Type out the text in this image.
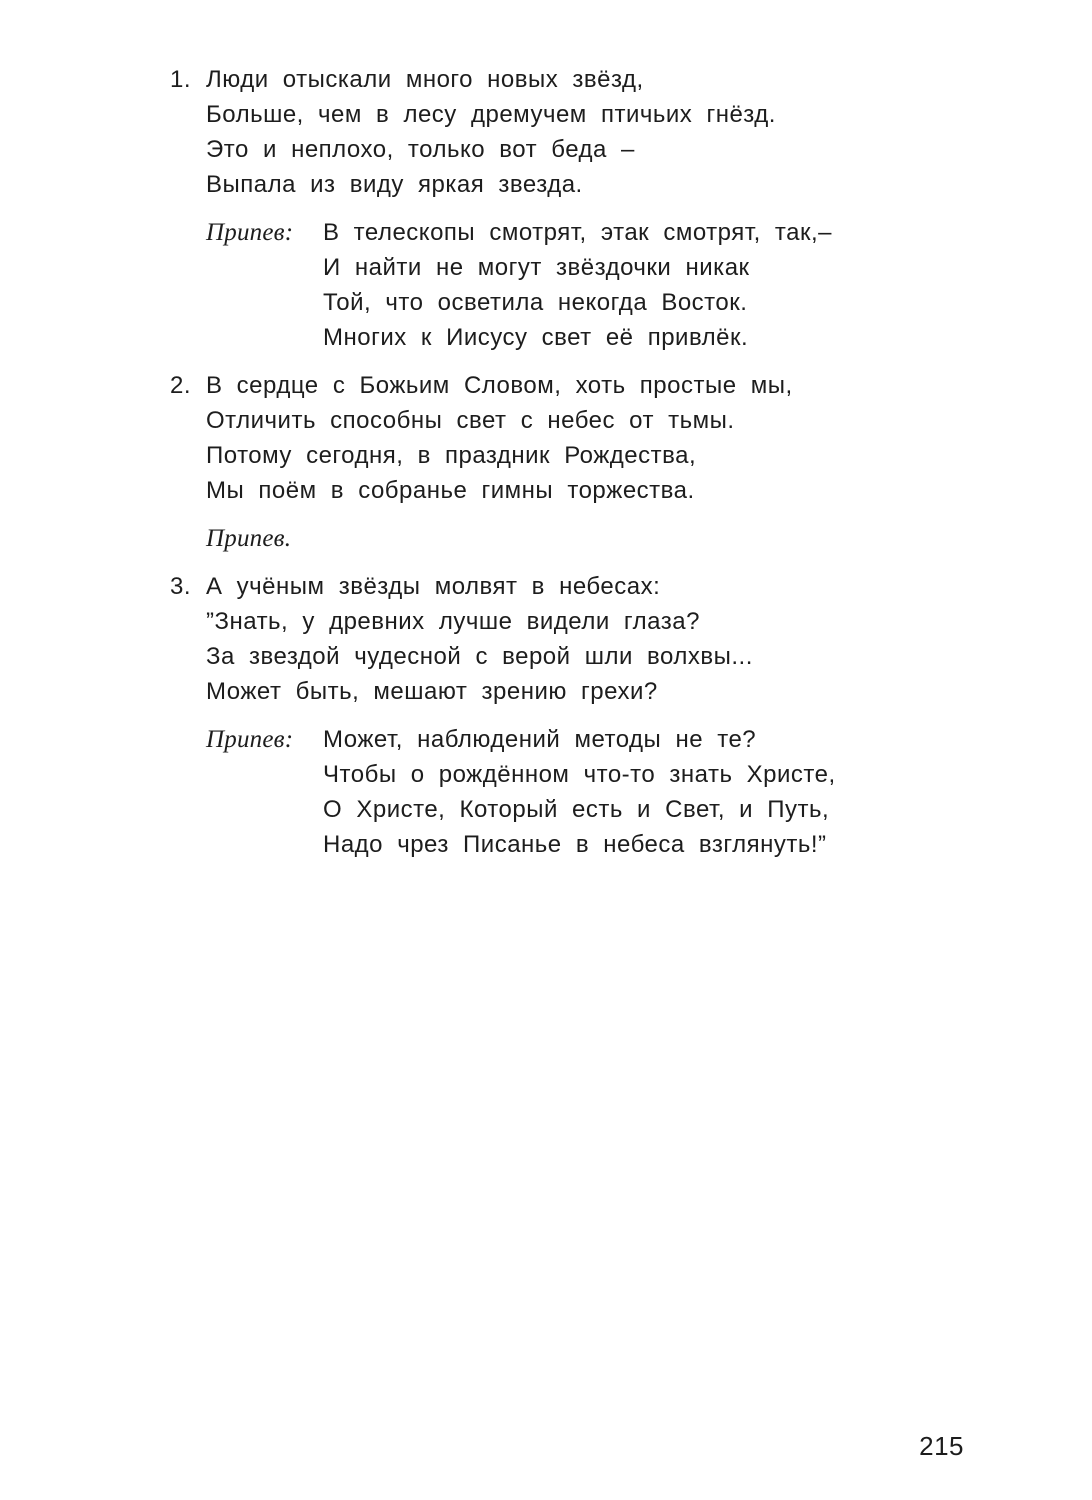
1. Люди отыскали много новых звёзд,
Больше, чем в лесу дремучем птичьих гнёзд.
Это и неплохо, только вот беда –
Выпала из виду яркая звезда.
Припев:	В телескопы смотрят, этак смотрят, так,–
И найти не могут звёздочки никак
Той, что осветила некогда Восток.
Многих к Иисусу свет её привлёк.
2. В сердце с Божьим Словом, хоть простые мы,
Отличить способны свет с небес от тьмы.
Потому сегодня, в праздник Рождества,
Мы поём в собранье гимны торжества.
Припев.
3. А учёным звёзды молвят в небесах:
”Знать, у древних лучше видели глаза?
За звездой чудесной с верой шли волхвы...
Может быть, мешают зрению грехи?
Припев:	Может, наблюдений методы не те?
Чтобы о рождённом что-то знать Христе,
О Христе, Который есть и Свет, и Путь,
Надо чрез Писанье в небеса взглянуть!”
215
